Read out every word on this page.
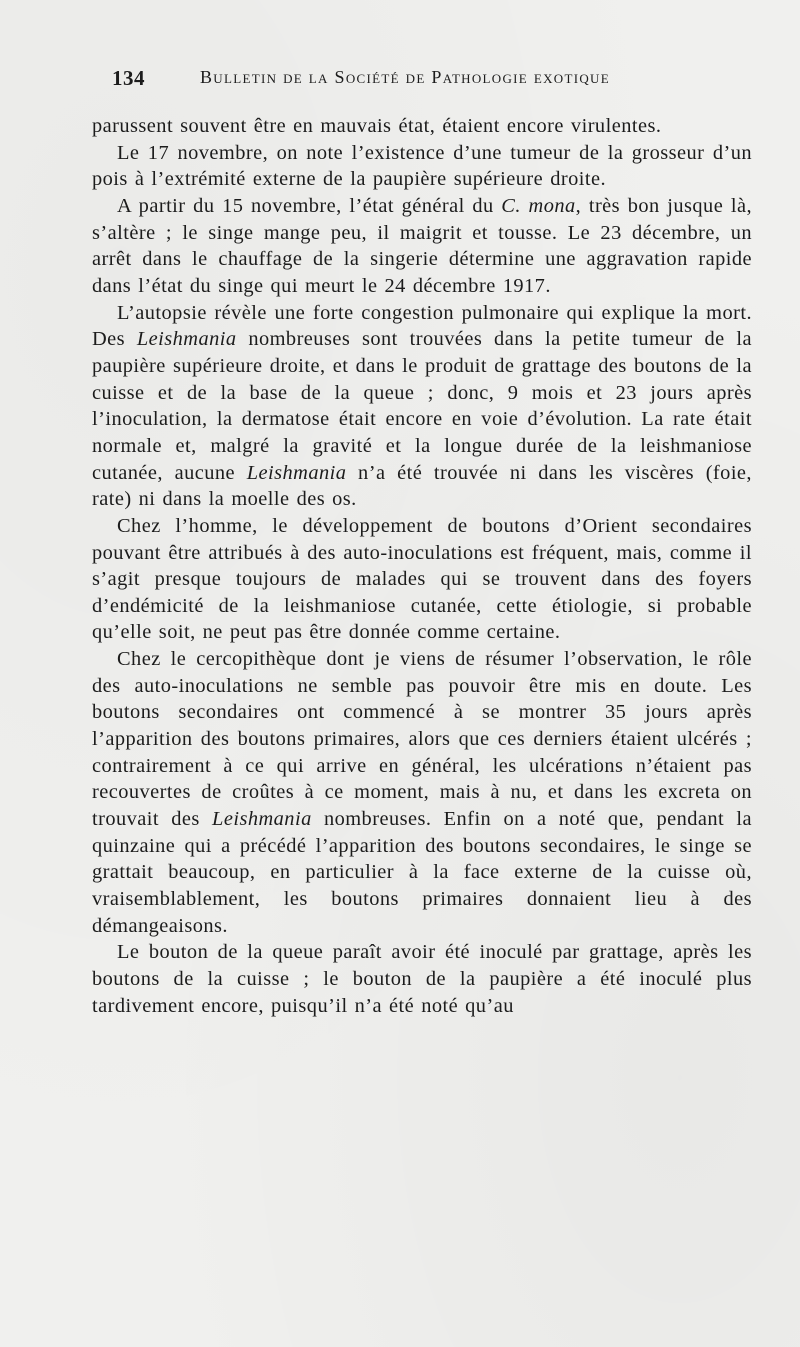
134	Bulletin de la Société de Pathologie exotique

parussent souvent être en mauvais état, étaient encore virulentes.

Le 17 novembre, on note l’existence d’une tumeur de la grosseur d’un pois à l’extrémité externe de la paupière supérieure droite.

A partir du 15 novembre, l’état général du C. mona, très bon jusque là, s’altère ; le singe mange peu, il maigrit et tousse. Le 23 décembre, un arrêt dans le chauffage de la singerie détermine une aggravation rapide dans l’état du singe qui meurt le 24 décembre 1917.

L’autopsie révèle une forte congestion pulmonaire qui explique la mort. Des Leishmania nombreuses sont trouvées dans la petite tumeur de la paupière supérieure droite, et dans le produit de grattage des boutons de la cuisse et de la base de la queue ; donc, 9 mois et 23 jours après l’inoculation, la dermatose était encore en voie d’évolution. La rate était normale et, malgré la gravité et la longue durée de la leishmaniose cutanée, aucune Leishmania n’a été trouvée ni dans les viscères (foie, rate) ni dans la moelle des os.

Chez l’homme, le développement de boutons d’Orient secondaires pouvant être attribués à des auto-inoculations est fréquent, mais, comme il s’agit presque toujours de malades qui se trouvent dans des foyers d’endémicité de la leishmaniose cutanée, cette étiologie, si probable qu’elle soit, ne peut pas être donnée comme certaine.

Chez le cercopithèque dont je viens de résumer l’observation, le rôle des auto-inoculations ne semble pas pouvoir être mis en doute. Les boutons secondaires ont commencé à se montrer 35 jours après l’apparition des boutons primaires, alors que ces derniers étaient ulcérés ; contrairement à ce qui arrive en général, les ulcérations n’étaient pas recouvertes de croûtes à ce moment, mais à nu, et dans les excreta on trouvait des Leishmania nombreuses. Enfin on a noté que, pendant la quinzaine qui a précédé l’apparition des boutons secondaires, le singe se grattait beaucoup, en particulier à la face externe de la cuisse où, vraisemblablement, les boutons primaires donnaient lieu à des démangeaisons.

Le bouton de la queue paraît avoir été inoculé par grattage, après les boutons de la cuisse ; le bouton de la paupière a été inoculé plus tardivement encore, puisqu’il n’a été noté qu’au
